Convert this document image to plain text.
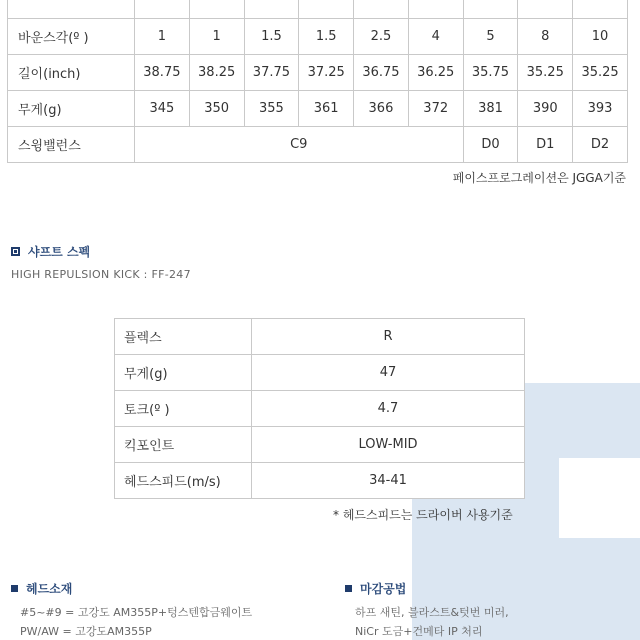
바운스각(º )	1	1	1.5	1.5	2.5	4	5	8	10
길이(inch)	38.75	38.25	37.75	37.25	36.75	36.25	35.75	35.25	35.25
무게(g)	345	350	355	361	366	372	381	390	393
스윙밸런스	C9						D0	D1	D2
페이스프로그레이션은 JGGA기준
샤프트 스펙
HIGH REPULSION KICK : FF-247
플렉스	R
무게(g)	47
토크(º )	4.7
킥포인트	LOW-MID
헤드스피드(m/s)	34-41
* 헤드스피드는 드라이버 사용기준
헤드소재
#5~#9 = 고강도 AM355P+텅스텐합금웨이트
PW/AW = 고강도AM355P
마감공법
하프 새틴, 블라스트&텃번 미러,
NiCr 도금+건메타 IP 처리
